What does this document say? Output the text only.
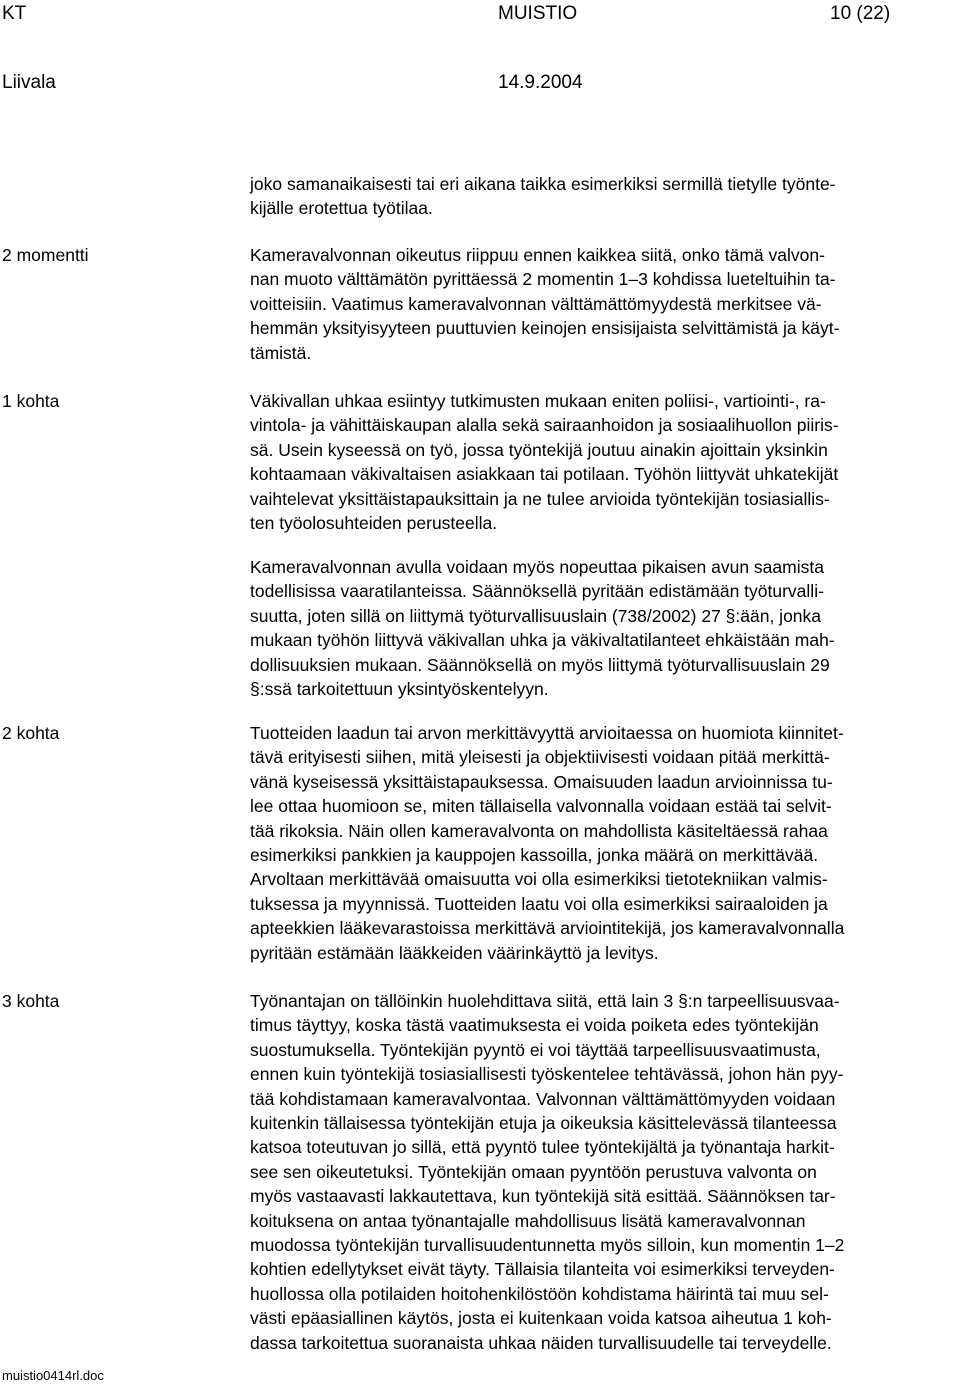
KT	MUISTIO	10 (22)
Liivala	14.9.2004
joko samanaikaisesti tai eri aikana taikka esimerkiksi sermillä tietylle työnte-
kijälle erotettua työtilaa.
2 momentti	Kameravalvonnan oikeutus riippuu ennen kaikkea siitä, onko tämä valvon-
nan muoto välttämätön pyrittäessä 2 momentin 1–3 kohdissa lueteltuihin ta-
voitteisiin. Vaatimus kameravalvonnan välttämättömyydestä merkitsee vä-
hemmän yksityisyyteen puuttuvien keinojen ensisijaista selvittämistä ja käyt-
tämistä.
1 kohta	Väkivallan uhkaa esiintyy tutkimusten mukaan eniten poliisi-, vartiointi-, ra-
vintola- ja vähittäiskaupan alalla sekä sairaanhoidon ja sosiaalihuollon piiris-
sä. Usein kyseessä on työ, jossa työntekijä joutuu ainakin ajoittain yksinkin
kohtaamaan väkivaltaisen asiakkaan tai potilaan. Työhön liittyvät uhkatekijät
vaihtelevat yksittäistapauksittain ja ne tulee arvioida työntekijän tosiasiallis-
ten työolosuhteiden perusteella.
Kameravalvonnan avulla voidaan myös nopeuttaa pikaisen avun saamista
todellisissa vaaratilanteissa. Säännöksellä pyritään edistämään työturvalli-
suutta, joten sillä on liittymä työturvallisuuslain (738/2002) 27 §:ään, jonka
mukaan työhön liittyvä väkivallan uhka ja väkivaltatilanteet ehkäistään mah-
dollisuuksien mukaan. Säännöksellä on myös liittymä työturvallisuuslain 29
§:ssä tarkoitettuun yksintyöskentelyyn.
2 kohta	Tuotteiden laadun tai arvon merkittävyyttä arvioitaessa on huomiota kiinnitet-
tävä erityisesti siihen, mitä yleisesti ja objektiivisesti voidaan pitää merkittä-
vänä kyseisessä yksittäistapauksessa. Omaisuuden laadun arvioinnissa tu-
lee ottaa huomioon se, miten tällaisella valvonnalla voidaan estää tai selvit-
tää rikoksia. Näin ollen kameravalvonta on mahdollista käsiteltäessä rahaa
esimerkiksi pankkien ja kauppojen kassoilla, jonka määrä on merkittävää.
Arvoltaan merkittävää omaisuutta voi olla esimerkiksi tietotekniikan valmis-
tuksessa ja myynnissä. Tuotteiden laatu voi olla esimerkiksi sairaaloiden ja
apteekkien lääkevarastoissa merkittävä arviointitekijä, jos kameravalvonnalla
pyritään estämään lääkkeiden väärinkäyttö ja levitys.
3 kohta	Työnantajan on tällöinkin huolehdittava siitä, että lain 3 §:n tarpeellisuusvaa-
timus täyttyy, koska tästä vaatimuksesta ei voida poiketa edes työntekijän
suostumuksella. Työntekijän pyyntö ei voi täyttää tarpeellisuusvaatimusta,
ennen kuin työntekijä tosiasiallisesti työskentelee tehtävässä, johon hän pyy-
tää kohdistamaan kameravalvontaa. Valvonnan välttämättömyyden voidaan
kuitenkin tällaisessa työntekijän etuja ja oikeuksia käsittelevässä tilanteessa
katsoa toteutuvan jo sillä, että pyyntö tulee työntekijältä ja työnantaja harkit-
see sen oikeutetuksi. Työntekijän omaan pyyntöön perustuva valvonta on
myös vastaavasti lakkautettava, kun työntekijä sitä esittää. Säännöksen tar-
koituksena on antaa työnantajalle mahdollisuus lisätä kameravalvonnan
muodossa työntekijän turvallisuudentunnetta myös silloin, kun momentin 1–2
kohtien edellytykset eivät täyty. Tällaisia tilanteita voi esimerkiksi terveyden-
huollossa olla potilaiden hoitohenkilöstöön kohdistama häirintä tai muu sel-
västi epäasiallinen käytös, josta ei kuitenkaan voida katsoa aiheutua 1 koh-
dassa tarkoitettua suoranaista uhkaa näiden turvallisuudelle tai terveydelle.
muistio0414rl.doc
